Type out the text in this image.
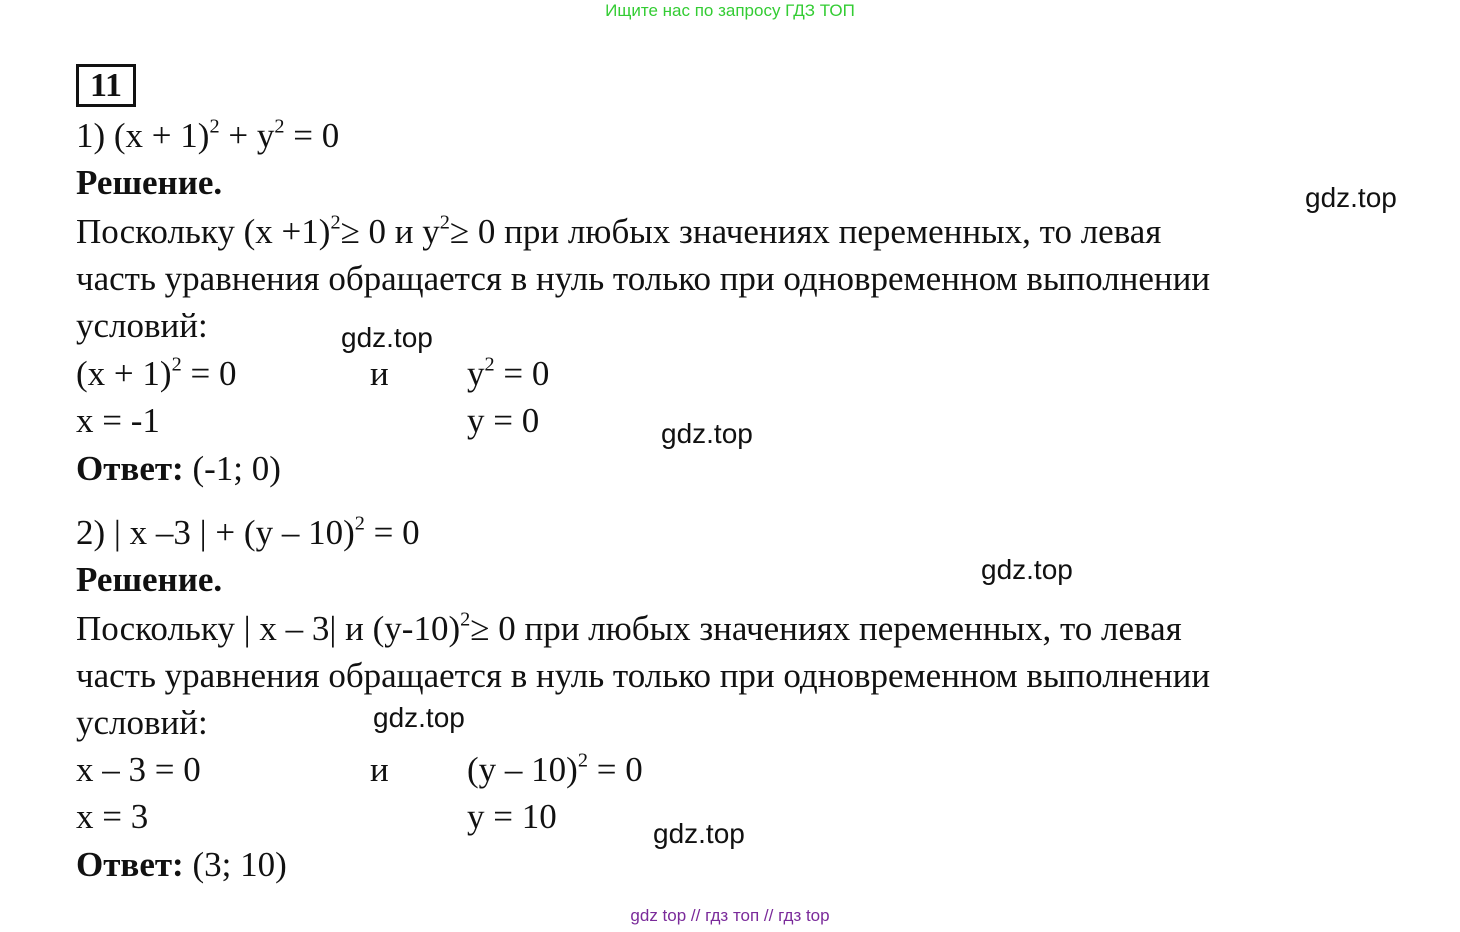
Ищите нас по запросу ГДЗ ТОП
11
1) $(x + 1)^2 + y^2 = 0$
Решение.
Поскольку $(x +1)^2\ge 0$ и $y^2\ge 0$ при любых значениях переменных, то левая
часть уравнения обращается в нуль только при одновременном выполнении
условий:
$(x + 1)^2 = 0$	и $y^2 = 0$
x = -1	y = 0
Ответ: (-1; 0)
2) | x –3 | + (y – 10)$^2$ = 0
Решение.
Поскольку | x – 3| и $(y-10)^2\ge 0$ при любых значениях переменных, то левая
часть уравнения обращается в нуль только при одновременном выполнении
условий:
x – 3 = 0	и (y – 10)$^2$ = 0
x = 3	y = 10
Ответ: (3; 10)
gdz.top
gdz.top
gdz.top
gdz.top
gdz.top
gdz.top
gdz top // гдз топ // гдз top
